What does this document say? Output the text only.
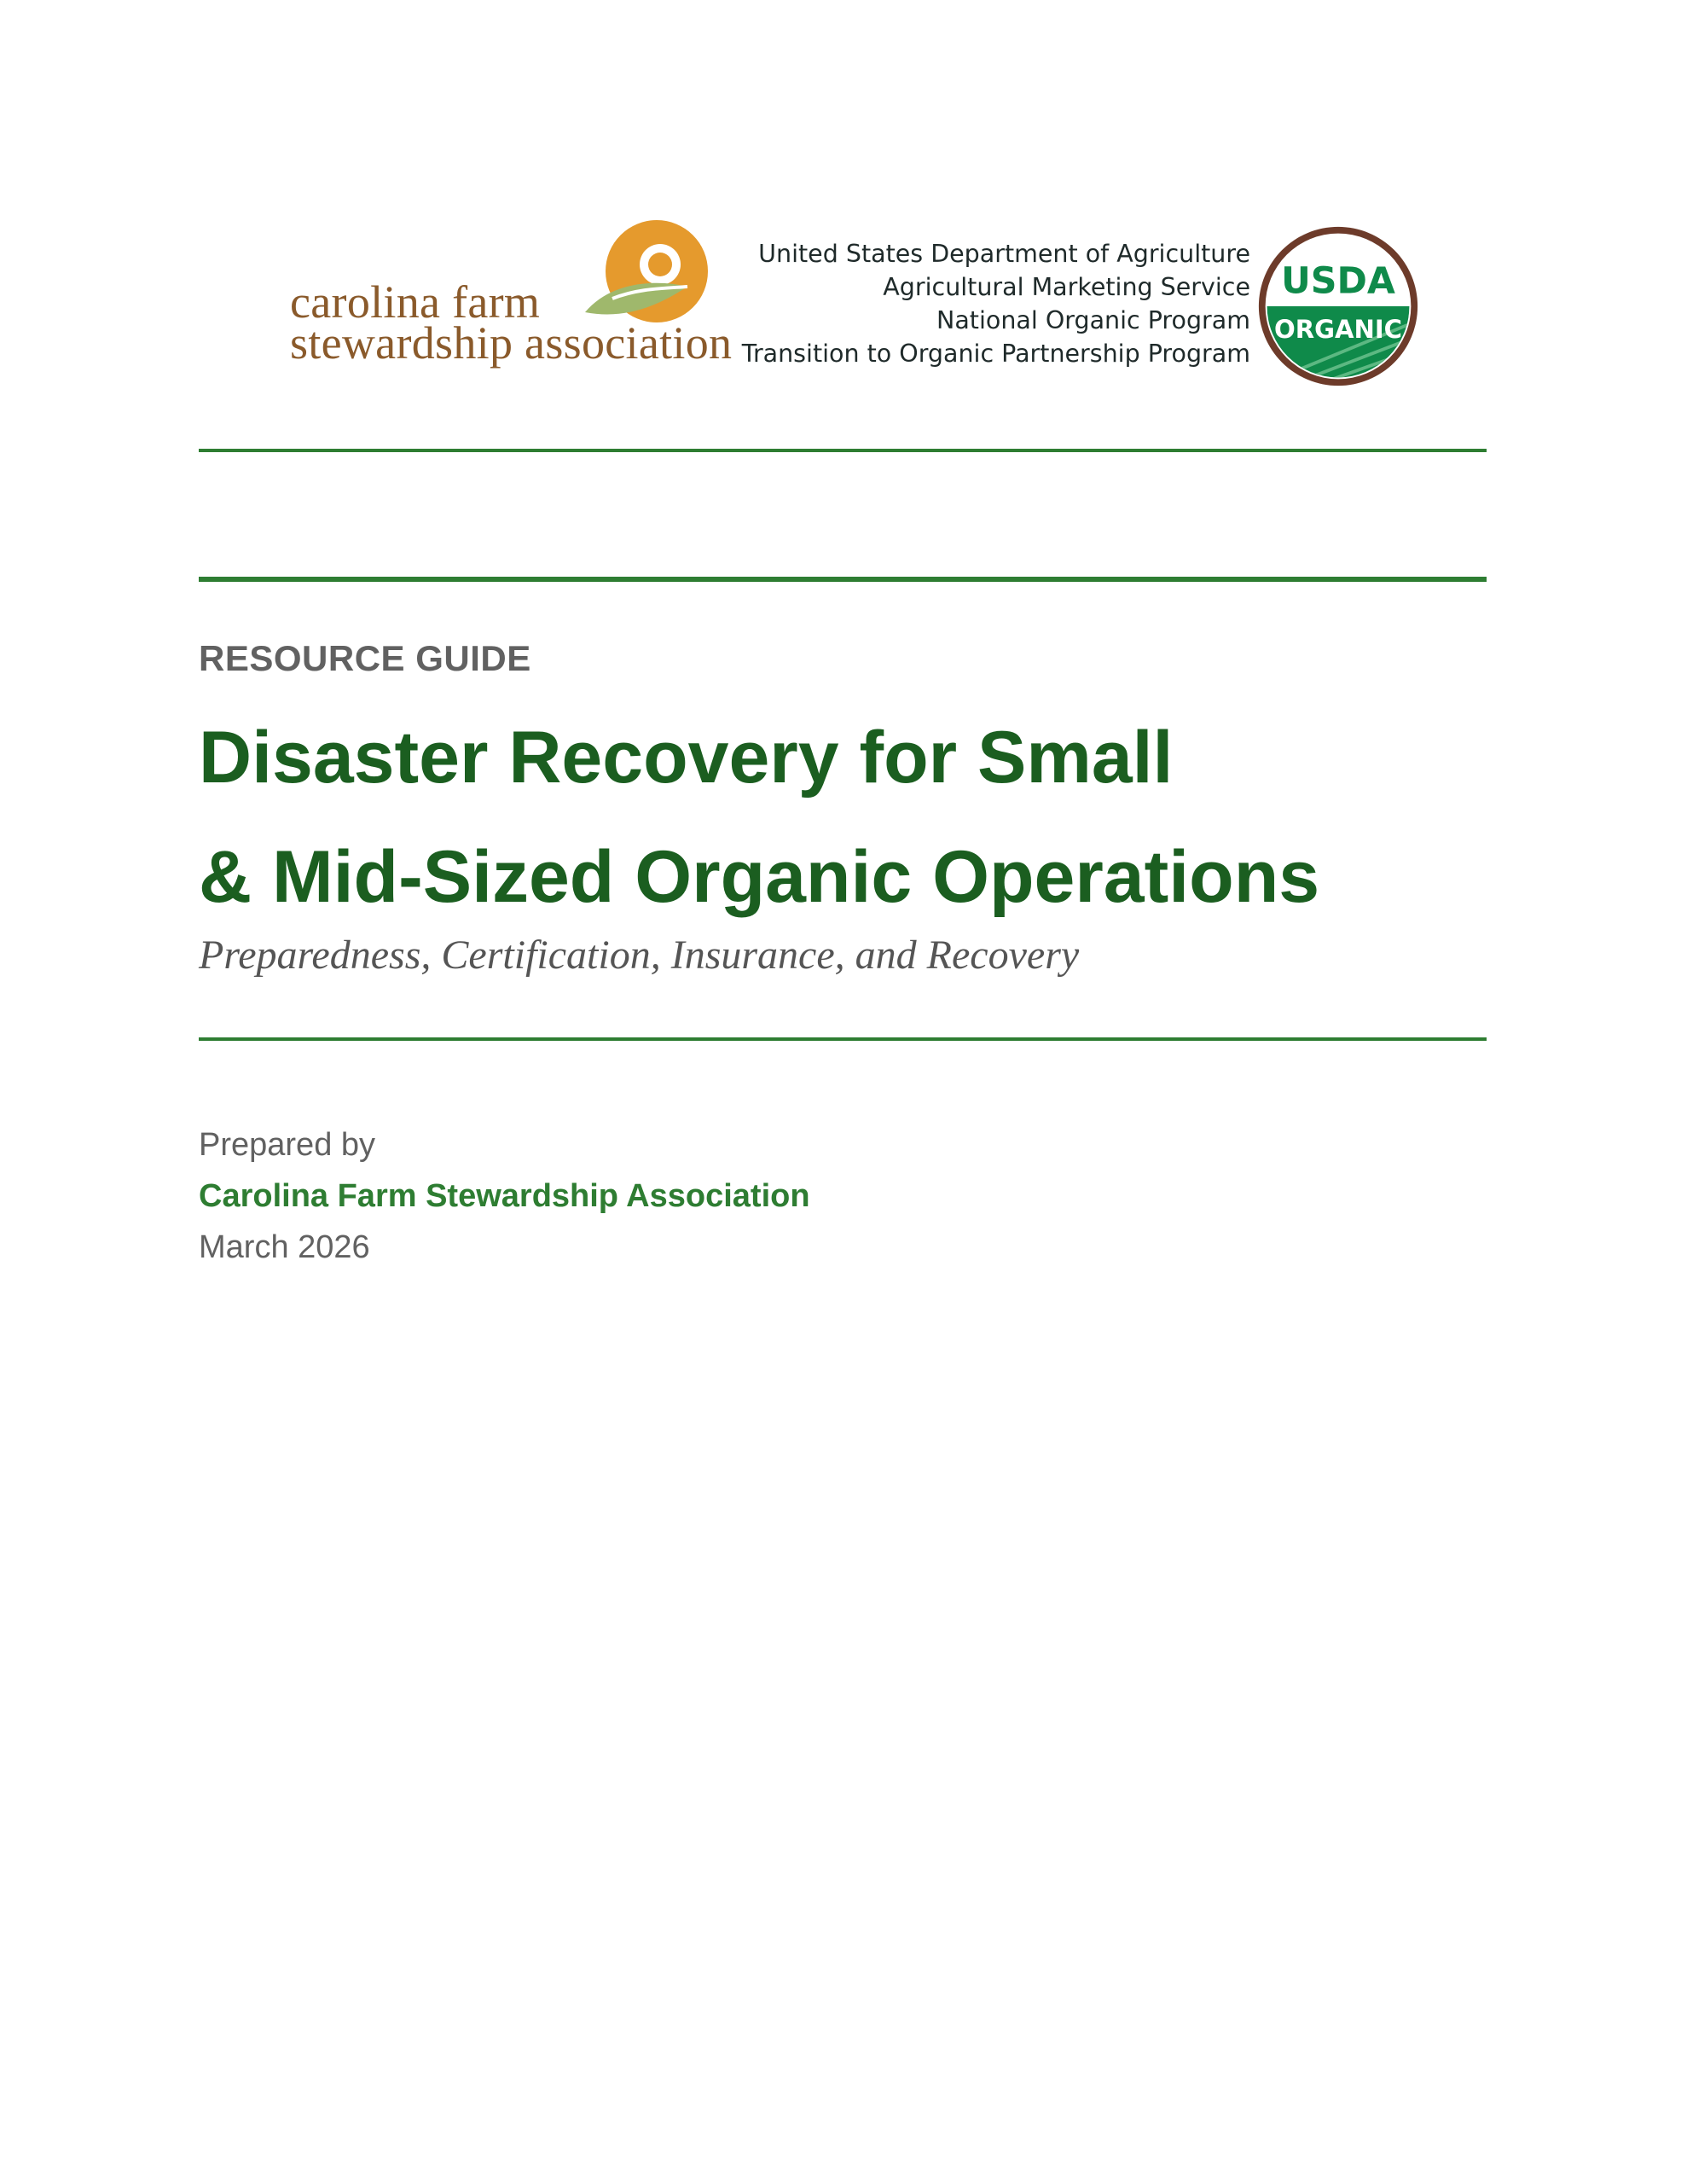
carolina farm
stewardship association
United States Department of Agriculture
Agricultural Marketing Service
National Organic Program
Transition to Organic Partnership Program
USDA
ORGANIC
RESOURCE GUIDE
Disaster Recovery for Small
& Mid-Sized Organic Operations
Preparedness, Certification, Insurance, and Recovery
Prepared by
Carolina Farm Stewardship Association
March 2026
